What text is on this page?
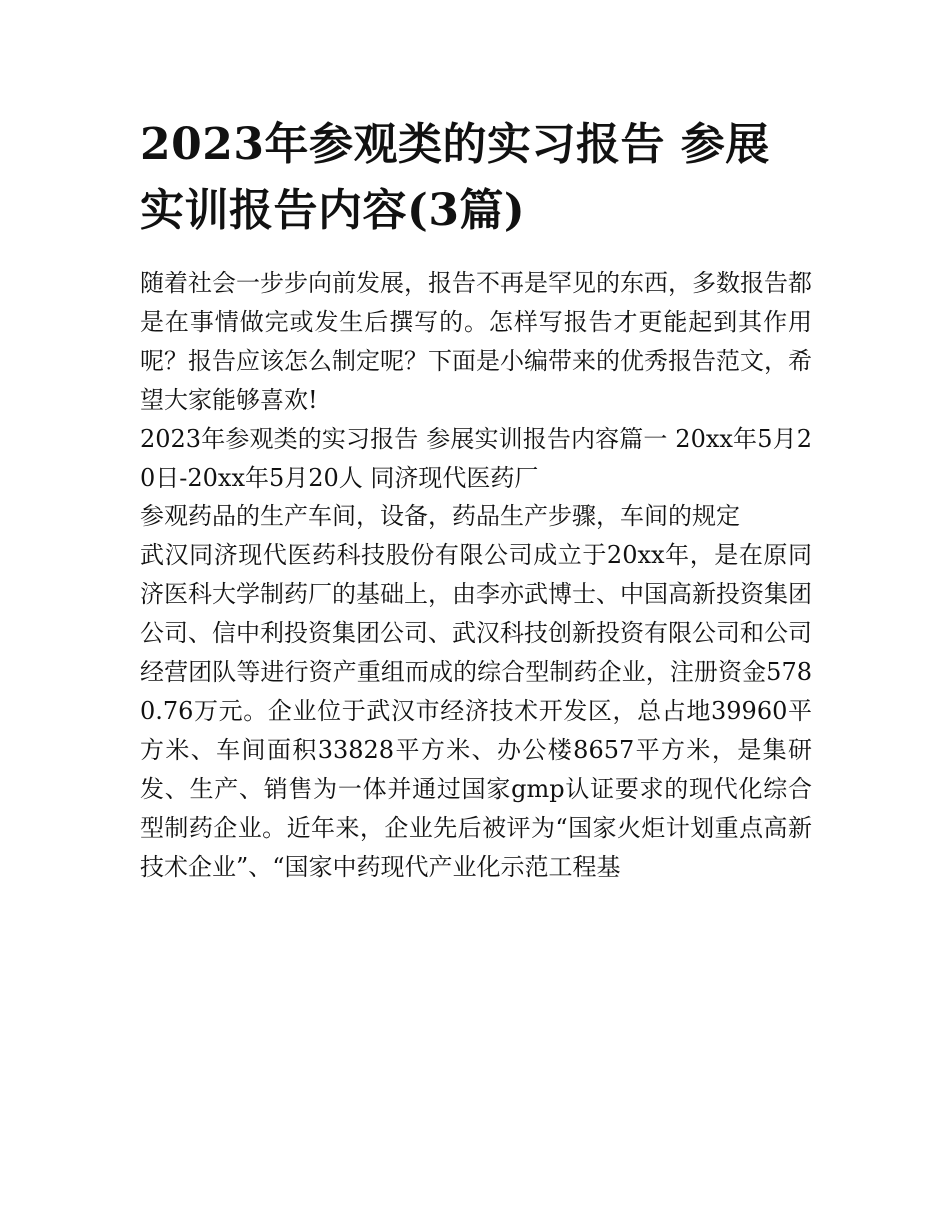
2023年参观类的实习报告 参展实训报告内容(3篇)

随着社会一步步向前发展，报告不再是罕见的东西，多数报告都是在事情做完或发生后撰写的。怎样写报告才更能起到其作用呢？报告应该怎么制定呢？下面是小编带来的优秀报告范文，希望大家能够喜欢!

2023年参观类的实习报告 参展实训报告内容篇一 20xx年5月20日-20xx年5月20人 同济现代医药厂

参观药品的生产车间，设备，药品生产步骤，车间的规定

武汉同济现代医药科技股份有限公司成立于20xx年，是在原同济医科大学制药厂的基础上，由李亦武博士、中国高新投资集团公司、信中利投资集团公司、武汉科技创新投资有限公司和公司经营团队等进行资产重组而成的综合型制药企业，注册资金5780.76万元。企业位于武汉市经济技术开发区，总占地39960平方米、车间面积33828平方米、办公楼8657平方米，是集研发、生产、销售为一体并通过国家gmp认证要求的现代化综合型制药企业。近年来，企业先后被评为“国家火炬计划重点高新技术企业”、“国家中药现代产业化示范工程基
